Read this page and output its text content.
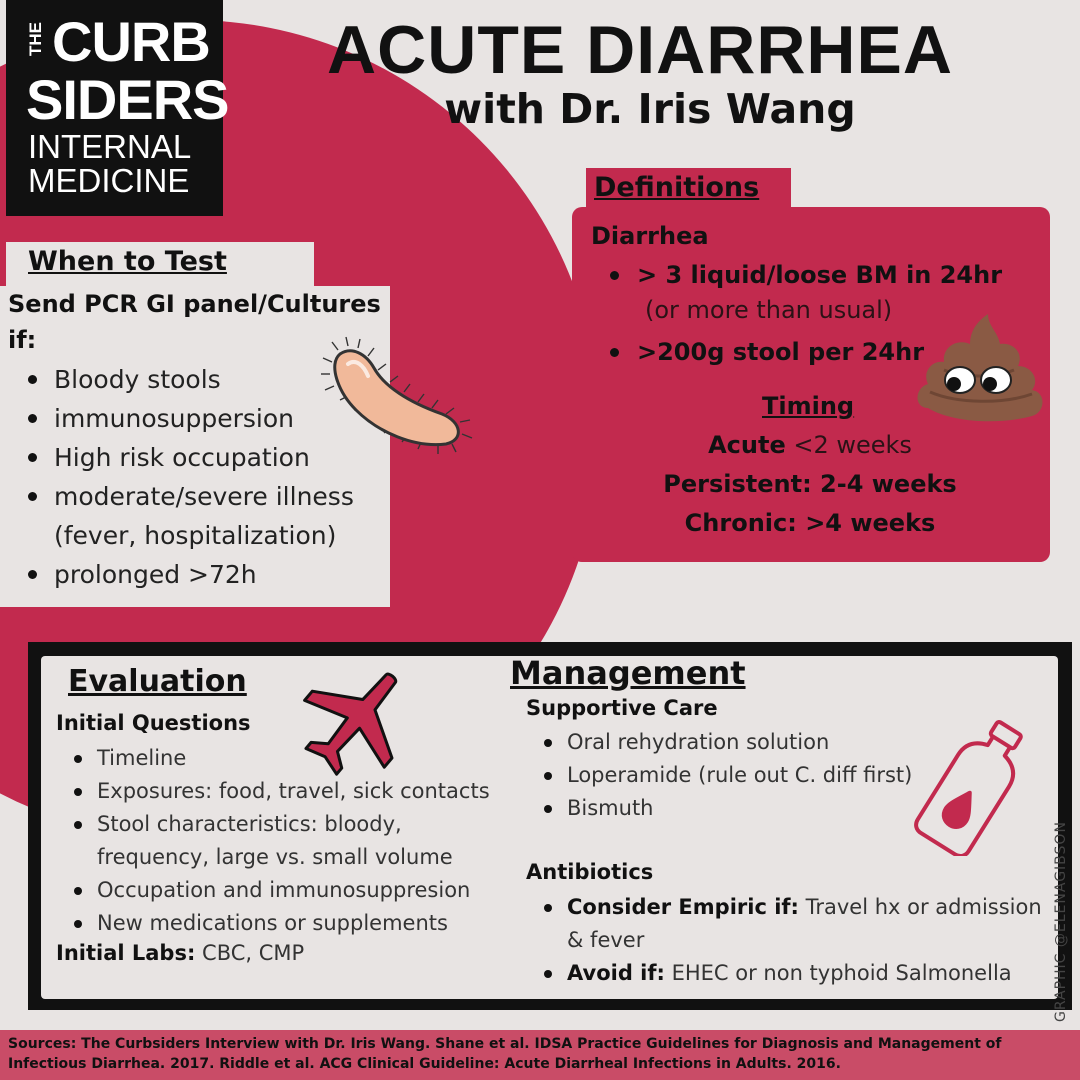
THE CURB
SIDERS
INTERNAL
MEDICINE
ACUTE DIARRHEA
with Dr. Iris Wang
When to Test
Send PCR GI panel/Cultures if:
Bloody stools
immunosuppersion
High risk occupation
moderate/severe illness (fever, hospitalization)
prolonged >72h
Definitions
Diarrhea
> 3 liquid/loose BM in 24hr
>200g stool per 24hr
(or more than usual)
Timing
Acute <2 weeks
Persistent: 2-4 weeks
Chronic: >4 weeks
Evaluation
Initial Questions
Timeline
Exposures: food, travel, sick contacts
Stool characteristics: bloody, frequency, large vs. small volume
Occupation and immunosuppresion
New medications or supplements
Initial Labs: CBC, CMP
Management
Supportive Care
Oral rehydration solution
Loperamide (rule out C. diff first)
Bismuth
Antibiotics
Consider Empiric if: Travel hx or admission & fever
Avoid if: EHEC or non typhoid Salmonella	GRAPHIC @ELENAGIBSON
Sources: The Curbsiders Interview with Dr. Iris Wang. Shane et al. IDSA Practice Guidelines for Diagnosis and Management of Infectious Diarrhea. 2017. Riddle et al. ACG Clinical Guideline: Acute Diarrheal Infections in Adults. 2016.
